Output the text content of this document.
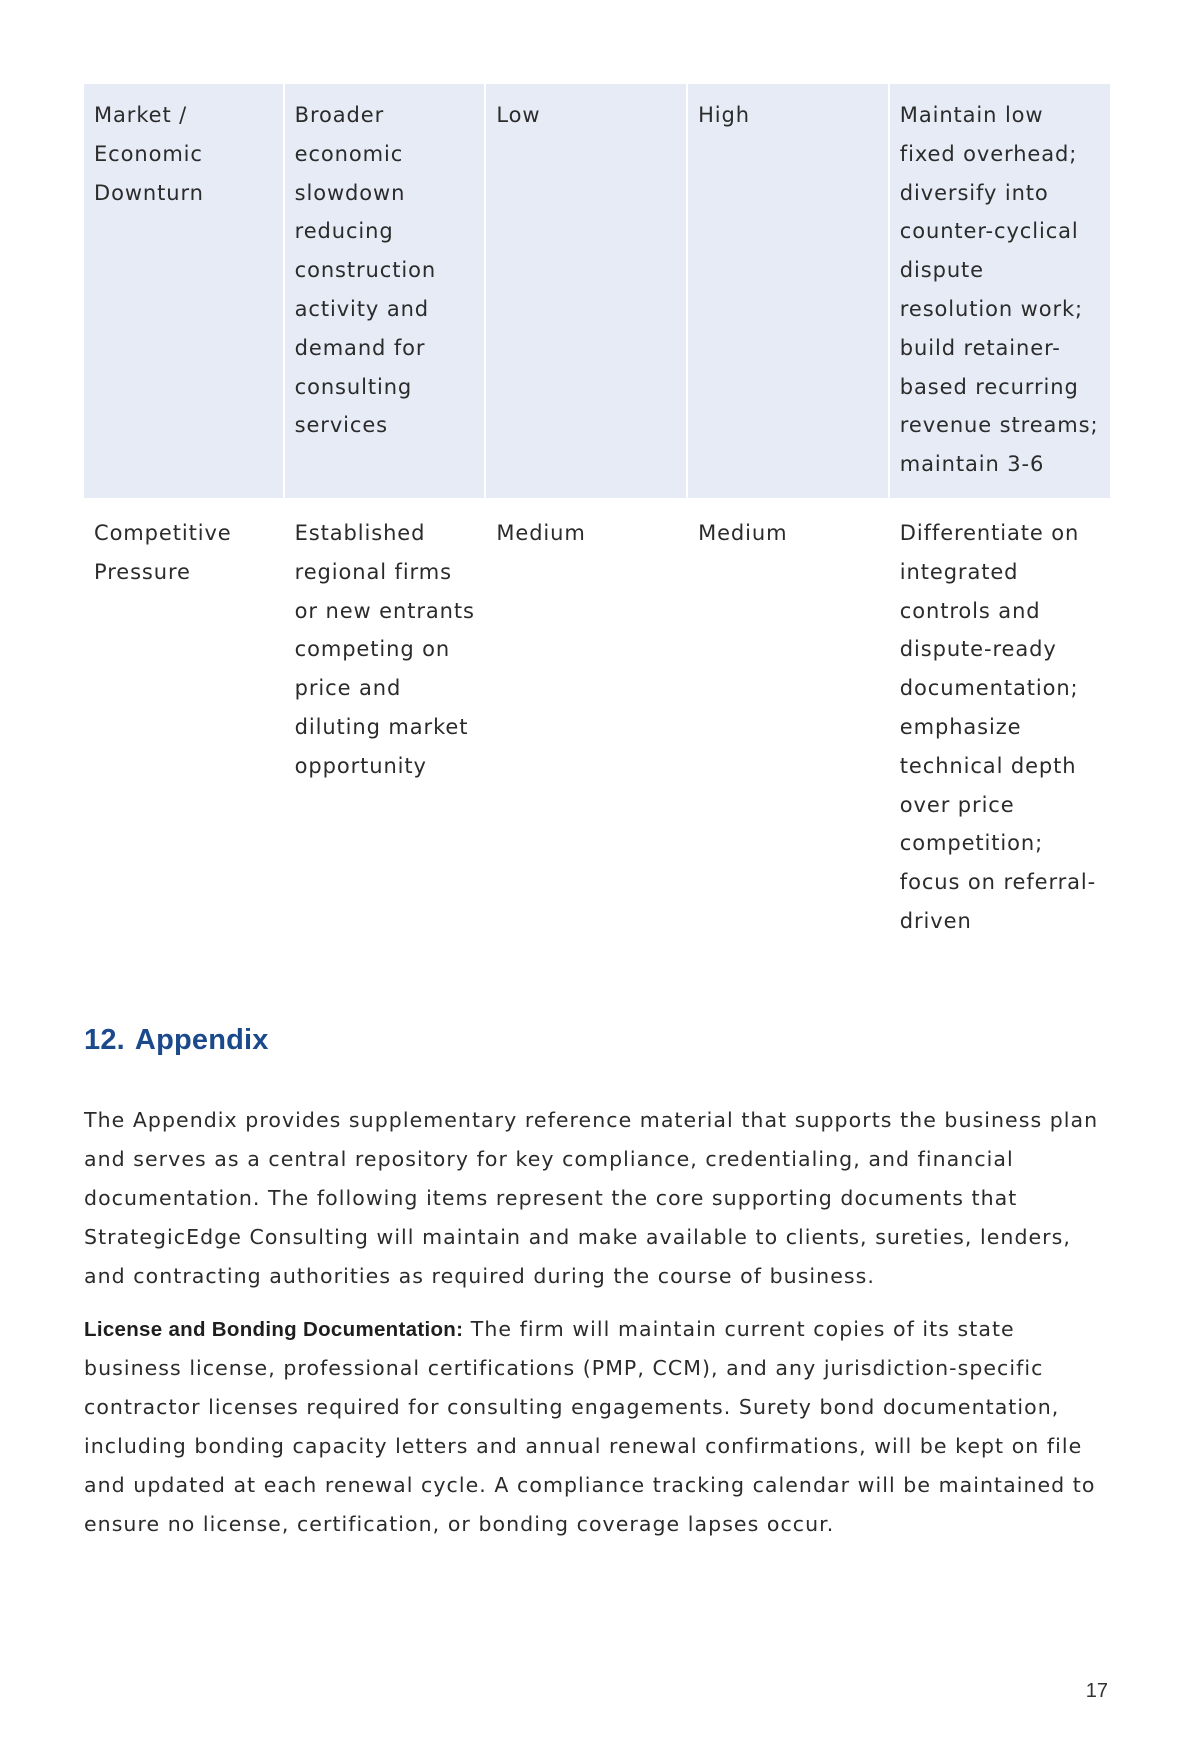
Market / Economic Downturn	Broader economic slowdown reducing construction activity and demand for consulting services	Low	High	Maintain low fixed overhead; diversify into counter-cyclical dispute resolution work; build retainer-based recurring revenue streams; maintain 3-6
Competitive Pressure	Established regional firms or new entrants competing on price and diluting market opportunity	Medium	Medium	Differentiate on integrated controls and dispute-ready documentation; emphasize technical depth over price competition; focus on referral-driven
12. Appendix

The Appendix provides supplementary reference material that supports the business plan and serves as a central repository for key compliance, credentialing, and financial documentation. The following items represent the core supporting documents that StrategicEdge Consulting will maintain and make available to clients, sureties, lenders, and contracting authorities as required during the course of business.

License and Bonding Documentation: The firm will maintain current copies of its state business license, professional certifications (PMP, CCM), and any jurisdiction-specific contractor licenses required for consulting engagements. Surety bond documentation, including bonding capacity letters and annual renewal confirmations, will be kept on file and updated at each renewal cycle. A compliance tracking calendar will be maintained to ensure no license, certification, or bonding coverage lapses occur.

17
